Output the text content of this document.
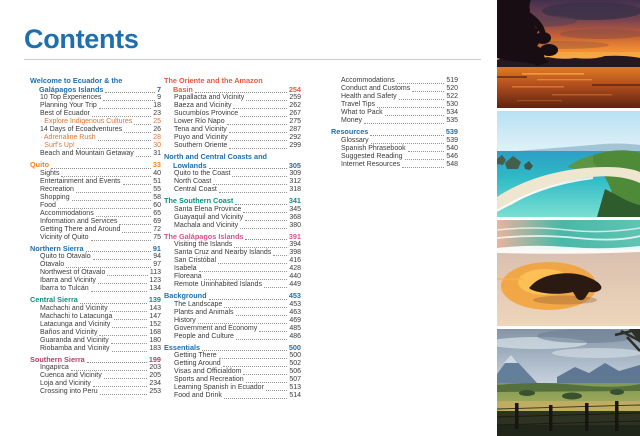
Contents
Welcome to Ecuador & the
Galápagos Islands	7
10 Top Experiences	9
Planning Your Trip	18
Best of Ecuador	23
· Explore Indigenous Cultures	25
14 Days of Ecoadventures	26
· Adrenaline Rush	28
· Surf's Up!	30
Beach and Mountain Getaway	31
Quito	33
Sights	40
Entertainment and Events	51
Recreation	55
Shopping	58
Food	60
Accommodations	65
Information and Services	69
Getting There and Around	72
Vicinity of Quito	75
Northern Sierra	91
Quito to Otavalo	94
Otavalo	97
Northwest of Otavalo	113
Ibarra and Vicinity	123
Ibarra to Tulcán	134
Central Sierra	139
Machachi and Vicinity	143
Machachi to Latacunga	147
Latacunga and Vicinity	152
Baños and Vicinity	168
Guaranda and Vicinity	180
Riobamba and Vicinity	183
Southern Sierra	199
Ingapirca	203
Cuenca and Vicinity	205
Loja and Vicinity	234
Crossing into Peru	253
The Oriente and the Amazon
Basin	254
Papallacta and Vicinity	259
Baeza and Vicinity	262
Sucumbíos Province	267
Lower Río Napo	275
Tena and Vicinity	287
Puyo and Vicinity	292
Southern Oriente	299
North and Central Coasts and
Lowlands	305
Quito to the Coast	309
North Coast	312
Central Coast	318
The Southern Coast	341
Santa Elena Province	345
Guayaquil and Vicinity	368
Machala and Vicinity	380
The Galápagos Islands	391
Visiting the Islands	394
Santa Cruz and Nearby Islands	398
San Cristóbal	416
Isabela	428
Floreana	440
Remote Uninhabited Islands	449
Background	453
The Landscape	453
Plants and Animals	463
History	469
Government and Economy	485
People and Culture	486
Essentials	500
Getting There	500
Getting Around	502
Visas and Officialdom	506
Sports and Recreation	507
Learning Spanish in Ecuador	513
Food and Drink	514
Accommodations	519
Conduct and Customs	520
Health and Safety	522
Travel Tips	530
What to Pack	534
Money	535
Resources	539
Glossary	539
Spanish Phrasebook	540
Suggested Reading	546
Internet Resources	548
